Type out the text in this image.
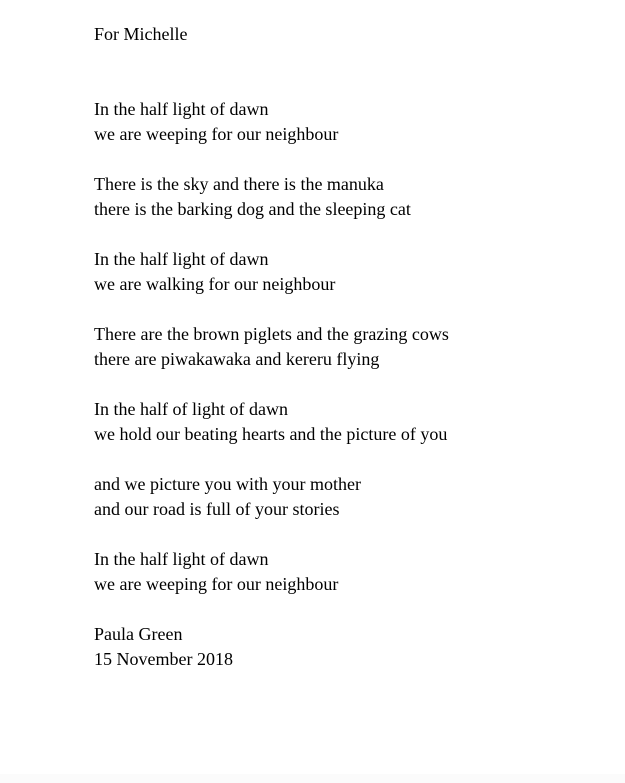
For Michelle
In the half light of dawn
we are weeping for our neighbour
There is the sky and there is the manuka
there is the barking dog and the sleeping cat
In the half light of dawn
we are walking for our neighbour
There are the brown piglets and the grazing cows
there are piwakawaka and kereru flying
In the half of light of dawn
we hold our beating hearts and the picture of you
and we picture you with your mother
and our road is full of your stories
In the half light of dawn
we are weeping for our neighbour
Paula Green
15 November 2018
